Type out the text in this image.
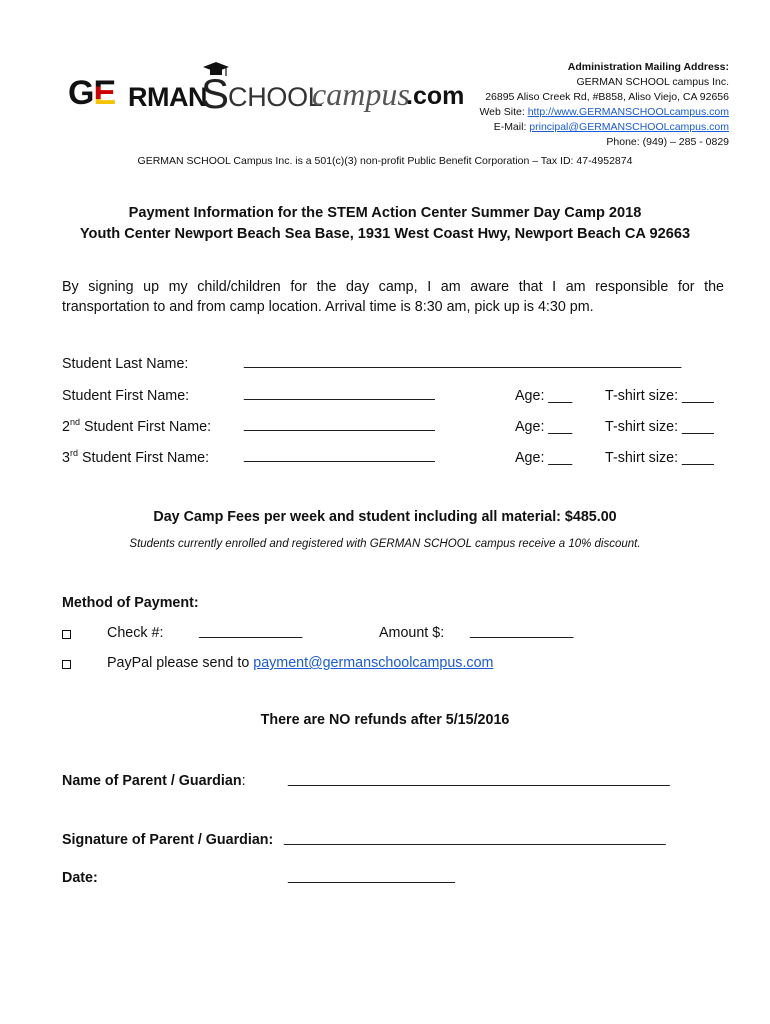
GE RMAN
S
CHOOL
campus
.com
Administration Mailing Address:
GERMAN SCHOOL campus Inc.
26895 Aliso Creek Rd, #B858, Aliso Viejo, CA 92656
Web Site: http://www.GERMANSCHOOLcampus.com
E-Mail: principal@GERMANSCHOOLcampus.com
Phone: (949) – 285 - 0829
GERMAN SCHOOL Campus Inc. is a 501(c)(3) non-profit Public Benefit Corporation – Tax ID: 47-4952874
Payment Information for the STEM Action Center Summer Day Camp 2018
Youth Center Newport Beach Sea Base, 1931 West Coast Hwy, Newport Beach CA 92663
By signing up my child/children for the day camp, I am aware that I am responsible for the
transportation to and from camp location. Arrival time is 8:30 am, pick up is 4:30 pm.
Student Last Name:	_______________________________________________________
Student First Name:	________________________	Age: ___ T-shirt size: ____
2nd Student First Name: ________________________	Age: ___ T-shirt size: ____
3rd Student First Name: ________________________	Age: ___ T-shirt size: ____
Day Camp Fees per week and student including all material: $485.00
Students currently enrolled and registered with GERMAN SCHOOL campus receive a 10% discount.
Method of Payment:
Check #: _____________	Amount $: _____________
PayPal please send to payment@germanschoolcampus.com
There are NO refunds after 5/15/2016
Name of Parent / Guardian:	________________________________________________
Signature of Parent / Guardian: ________________________________________________
Date:	_____________________
